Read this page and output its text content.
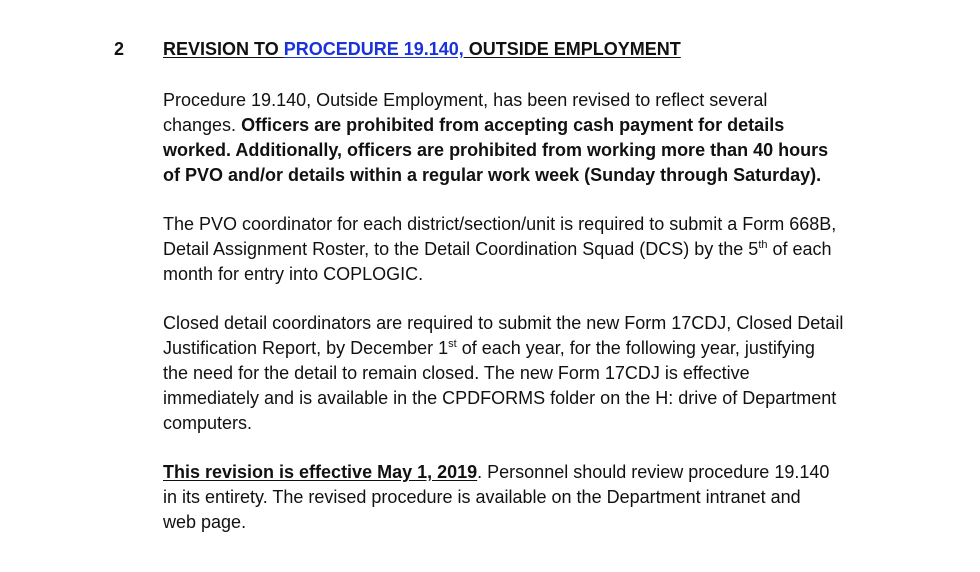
2 REVISION TO PROCEDURE 19.140, OUTSIDE EMPLOYMENT

Procedure 19.140, Outside Employment, has been revised to reflect several
changes. Officers are prohibited from accepting cash payment for details
worked. Additionally, officers are prohibited from working more than 40 hours
of PVO and/or details within a regular work week (Sunday through Saturday).

The PVO coordinator for each district/section/unit is required to submit a Form 668B,
Detail Assignment Roster, to the Detail Coordination Squad (DCS) by the 5th of each
month for entry into COPLOGIC.

Closed detail coordinators are required to submit the new Form 17CDJ, Closed Detail
Justification Report, by December 1st of each year, for the following year, justifying
the need for the detail to remain closed. The new Form 17CDJ is effective
immediately and is available in the CPDFORMS folder on the H: drive of Department
computers.

This revision is effective May 1, 2019. Personnel should review procedure 19.140
in its entirety. The revised procedure is available on the Department intranet and
web page.
